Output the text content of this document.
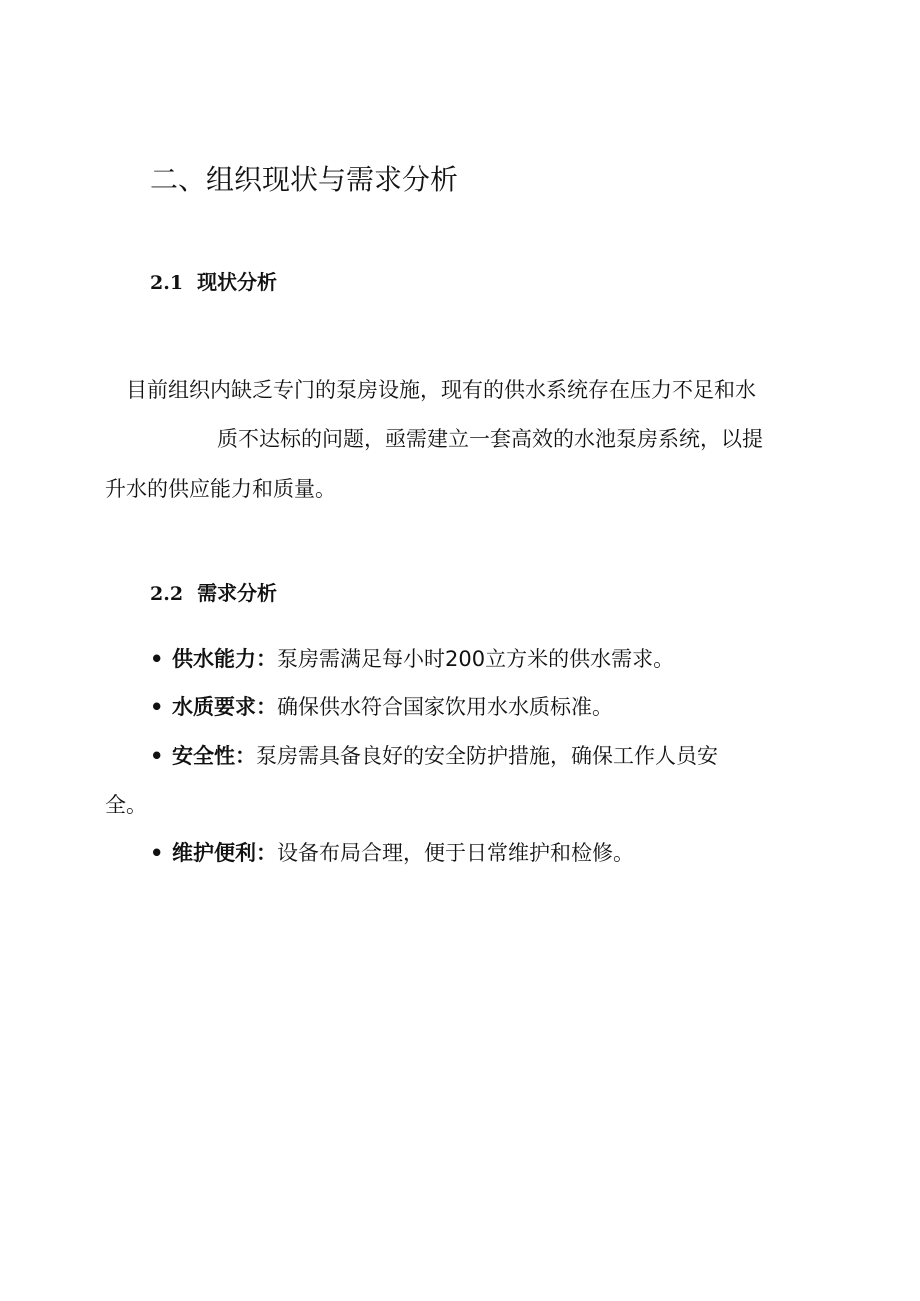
二、组织现状与需求分析
2.1 现状分析
目前组织内缺乏专门的泵房设施，现有的供水系统存在压力不足和水
质不达标的问题，亟需建立一套高效的水池泵房系统，以提
升水的供应能力和质量。
2.2 需求分析
• 供水能力：泵房需满足每小时200立方米的供水需求。
• 水质要求：确保供水符合国家饮用水水质标准。
• 安全性：泵房需具备良好的安全防护措施，确保工作人员安
全。
• 维护便利：设备布局合理，便于日常维护和检修。
